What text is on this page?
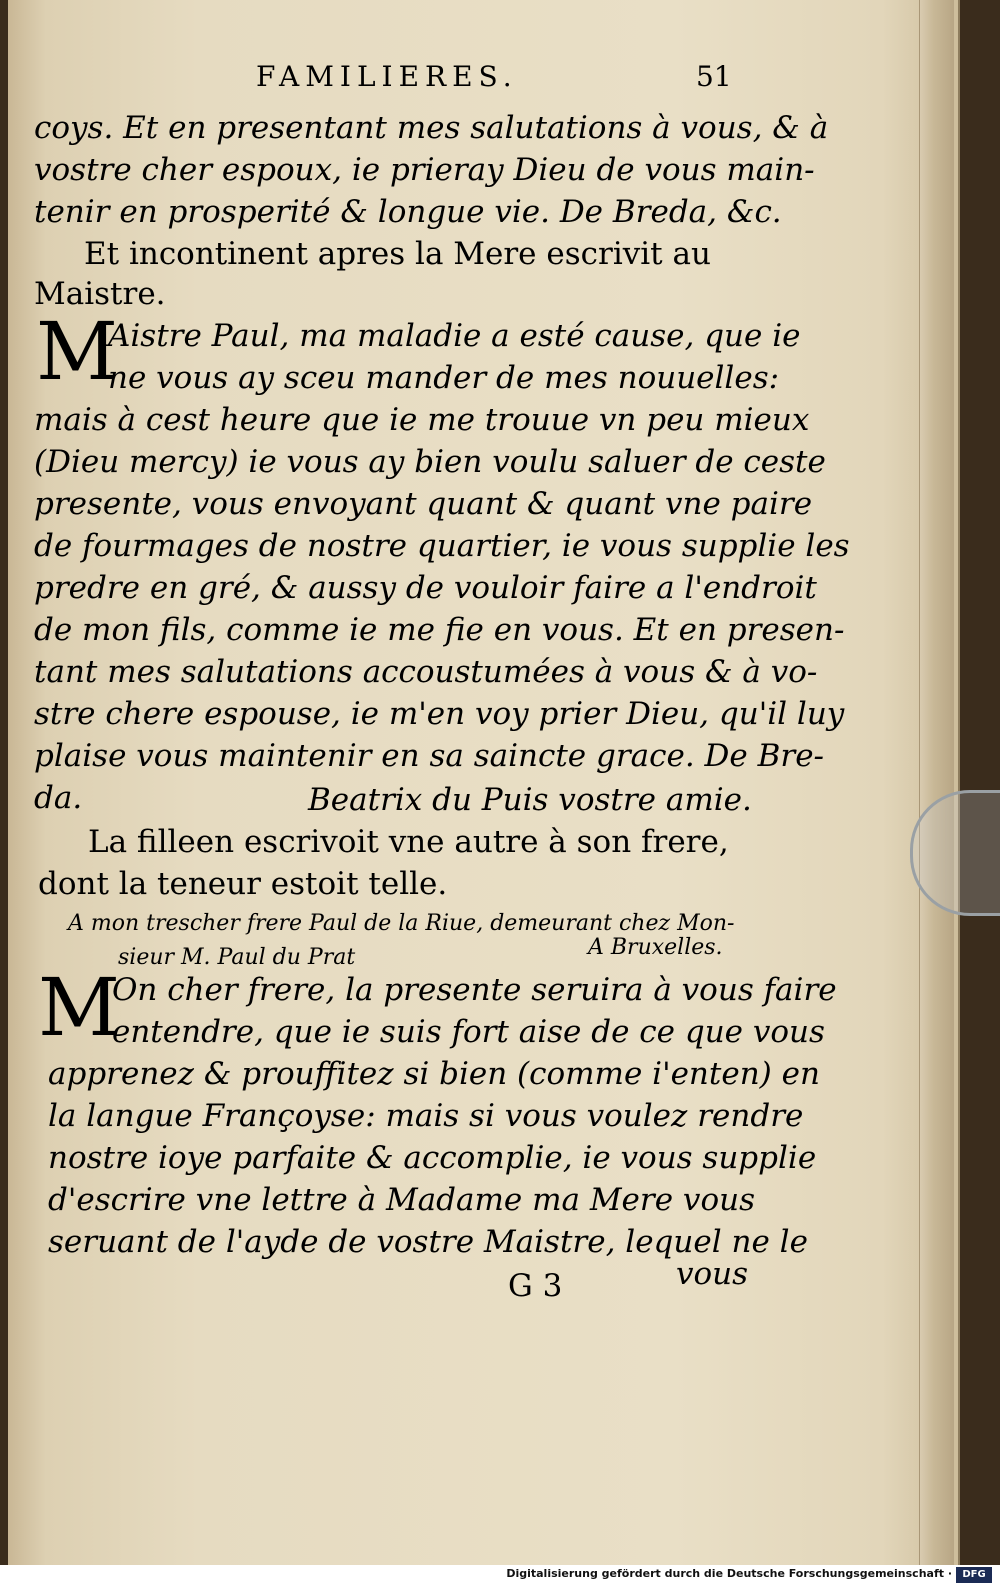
FAMILIERES.	51
coys. Et en presentant mes salutations à vous, & à
vostre cher espoux, ie prieray Dieu de vous main-
tenir en prosperité & longue vie. De Breda, &c.
Et incontinent apres la Mere escrivit au
Maistre.
M
Aistre Paul, ma maladie a esté cause, que ie
ne vous ay sceu mander de mes nouuelles:
mais à cest heure que ie me trouue vn peu mieux
(Dieu mercy) ie vous ay bien voulu saluer de ceste
presente, vous envoyant quant & quant vne paire
de fourmages de nostre quartier, ie vous supplie les
predre en gré, & aussy de vouloir faire a l'endroit
de mon fils, comme ie me fie en vous. Et en presen-
tant mes salutations accoustumées à vous & à vo-
stre chere espouse, ie m'en voy prier Dieu, qu'il luy
plaise vous maintenir en sa saincte grace. De Bre-
da.	Beatrix du Puis vostre amie.
La filleen escrivoit vne autre à son frere,
dont la teneur estoit telle.
A mon trescher frere Paul de la Riue, demeurant chez Mon-
sieur M. Paul du Prat	A Bruxelles.
M
On cher frere, la presente seruira à vous faire
entendre, que ie suis fort aise de ce que vous
apprenez & prouffitez si bien (comme i'enten) en
la langue Françoyse: mais si vous voulez rendre
nostre ioye parfaite & accomplie, ie vous supplie
d'escrire vne lettre à Madame ma Mere vous
seruant de l'ayde de vostre Maistre, lequel ne le
G 3	vous
Digitalisierung gefördert durch die Deutsche Forschungsgemeinschaft ·	DFG
